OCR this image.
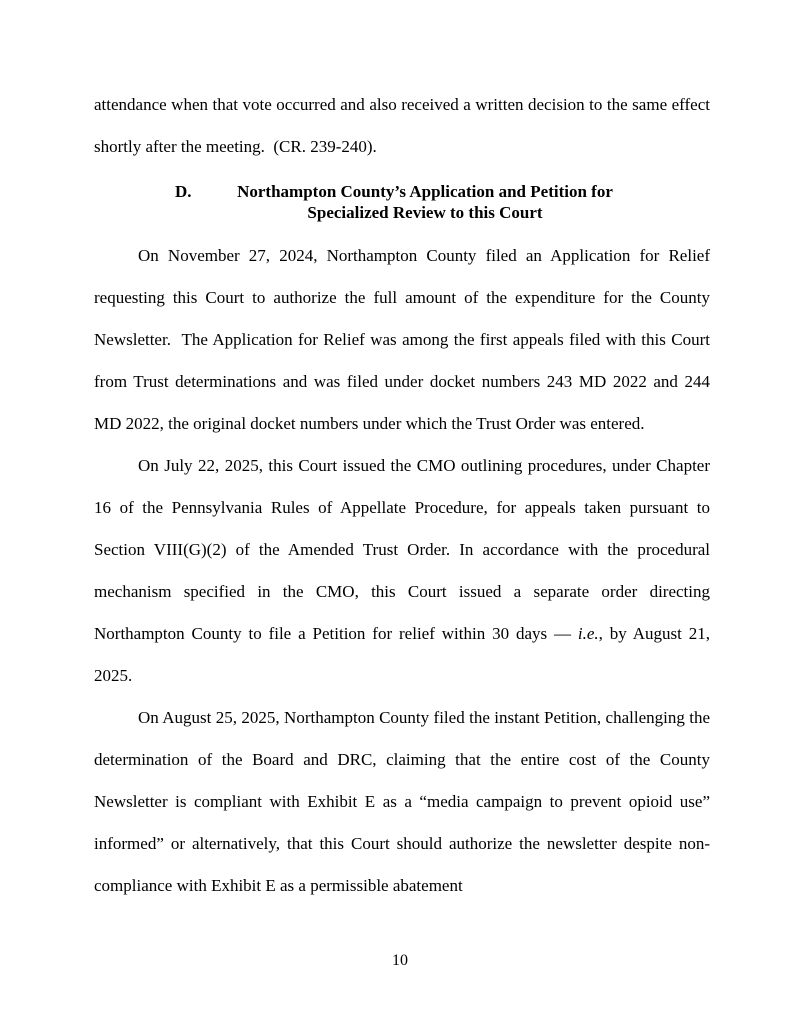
attendance when that vote occurred and also received a written decision to the same effect shortly after the meeting.  (CR. 239-240).

D.	Northampton County’s Application and Petition for
Specialized Review to this Court

On November 27, 2024, Northampton County filed an Application for Relief requesting this Court to authorize the full amount of the expenditure for the County Newsletter.  The Application for Relief was among the first appeals filed with this Court from Trust determinations and was filed under docket numbers 243 MD 2022 and 244 MD 2022, the original docket numbers under which the Trust Order was entered.

On July 22, 2025, this Court issued the CMO outlining procedures, under Chapter 16 of the Pennsylvania Rules of Appellate Procedure, for appeals taken pursuant to Section VIII(G)(2) of the Amended Trust Order. In accordance with the procedural mechanism specified in the CMO, this Court issued a separate order directing Northampton County to file a Petition for relief within 30 days — i.e., by August 21, 2025.

On August 25, 2025, Northampton County filed the instant Petition, challenging the determination of the Board and DRC, claiming that the entire cost of the County Newsletter is compliant with Exhibit E as a “media campaign to prevent opioid use” informed” or alternatively, that this Court should authorize the newsletter despite non-compliance with Exhibit E as a permissible abatement

10
